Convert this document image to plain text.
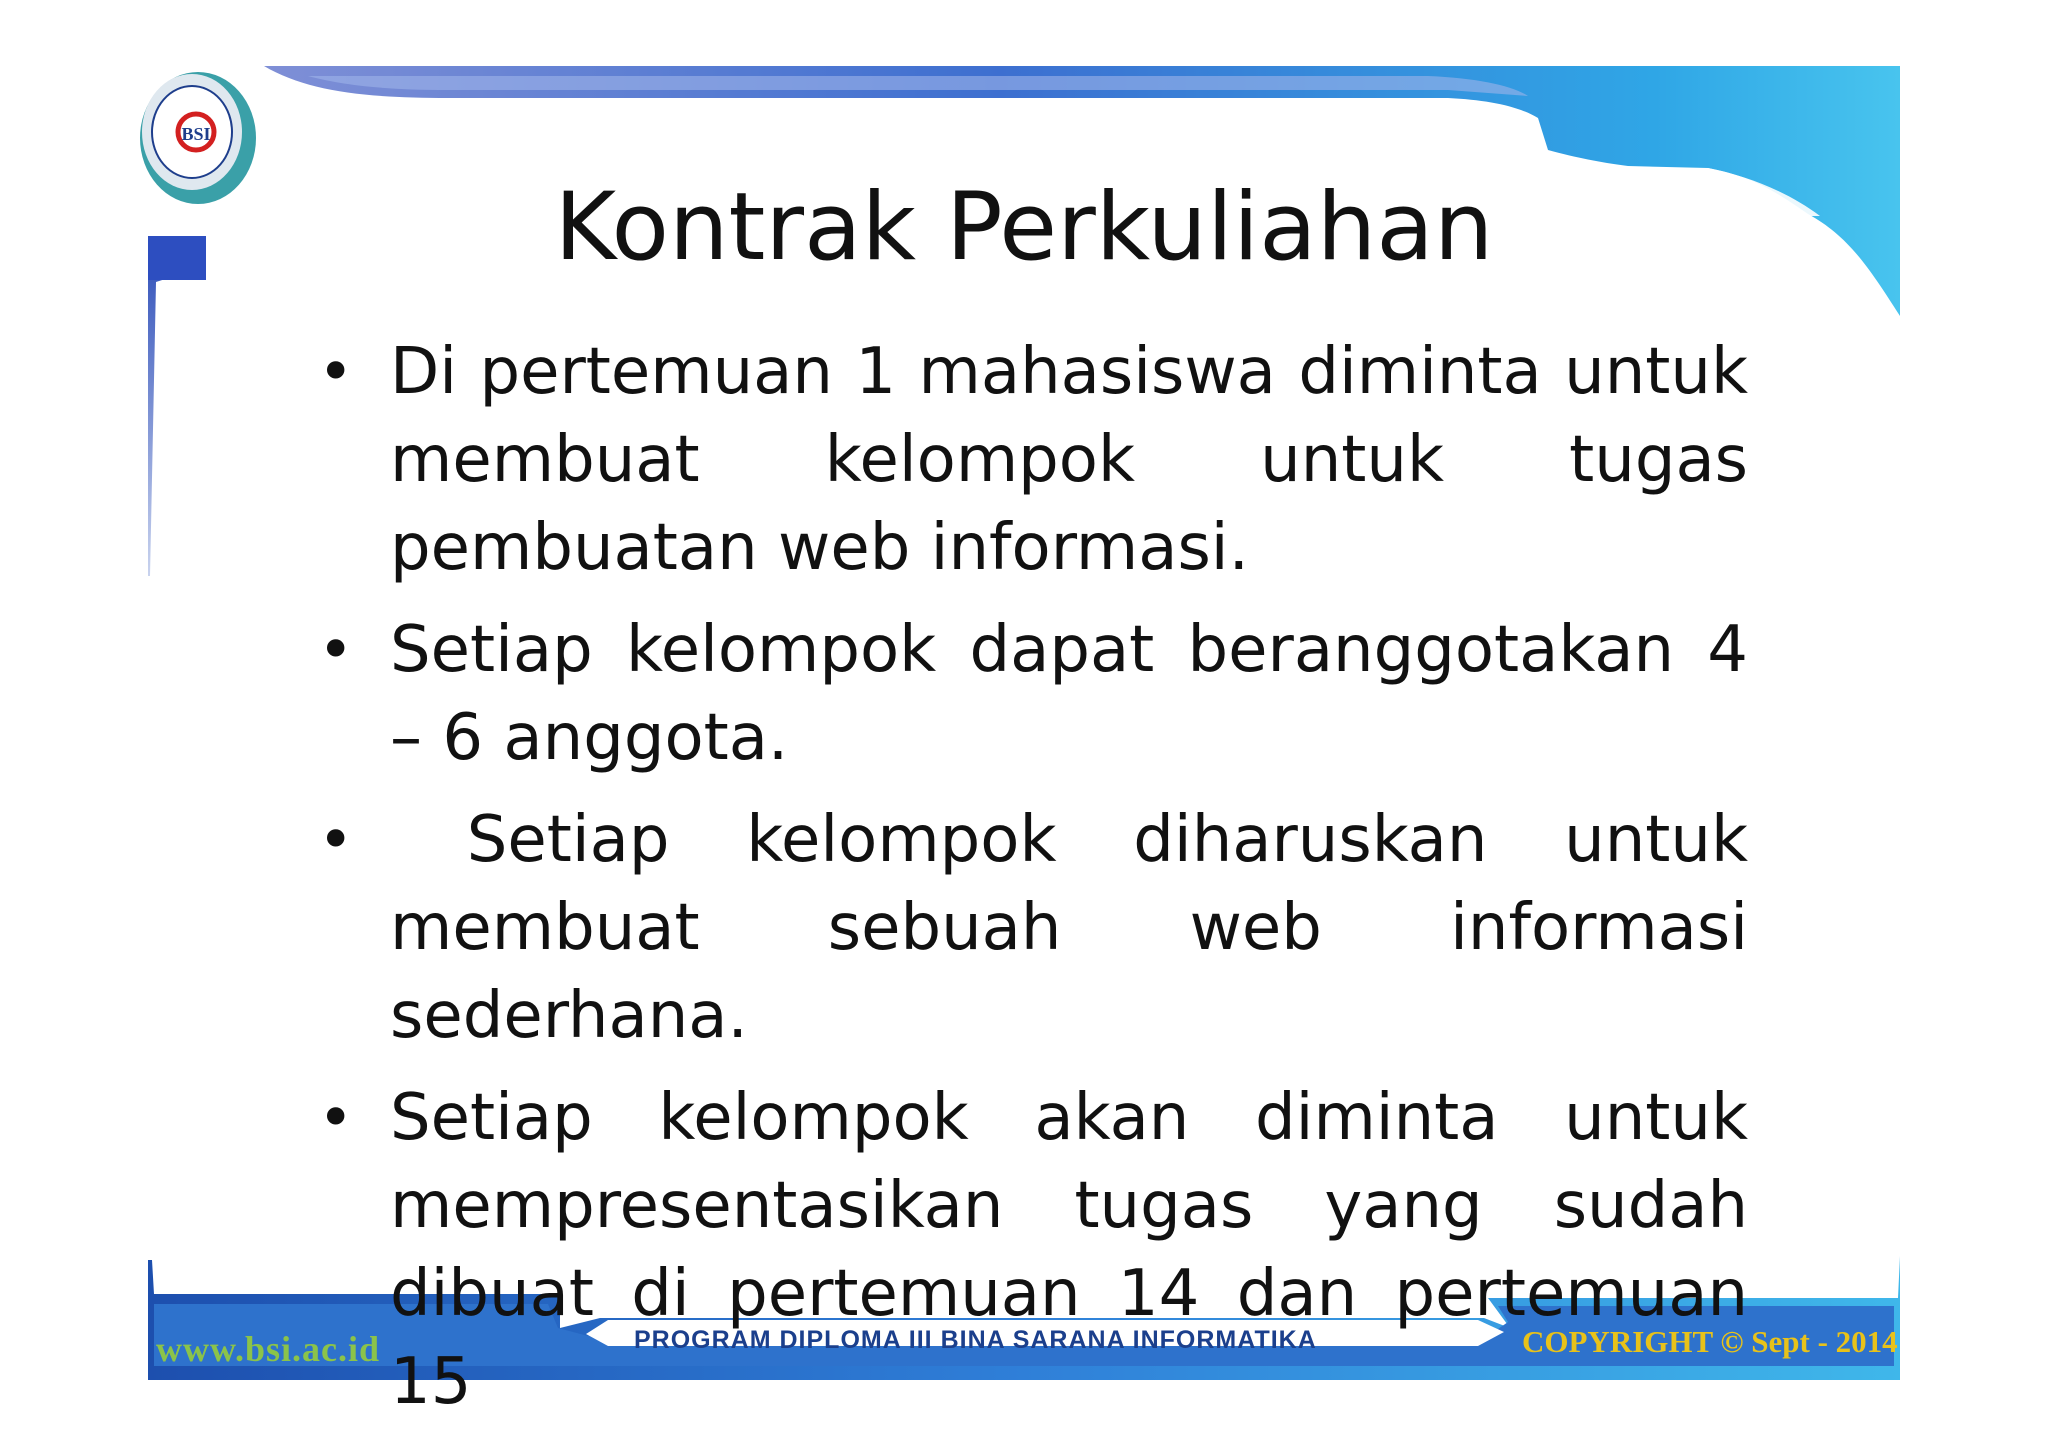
BSI
Kontrak Perkuliahan
• Di pertemuan 1 mahasiswa diminta untuk membuat kelompok untuk tugas pembuatan web informasi.
• Setiap kelompok dapat beranggotakan 4 – 6 anggota.
• Setiap kelompok diharuskan untuk membuat sebuah web informasi sederhana.
• Setiap kelompok akan diminta untuk mempresentasikan tugas yang sudah dibuat di pertemuan 14 dan pertemuan 15
www.bsi.ac.id	PROGRAM DIPLOMA III BINA SARANA INFORMATIKA	COPYRIGHT © Sept - 2014
